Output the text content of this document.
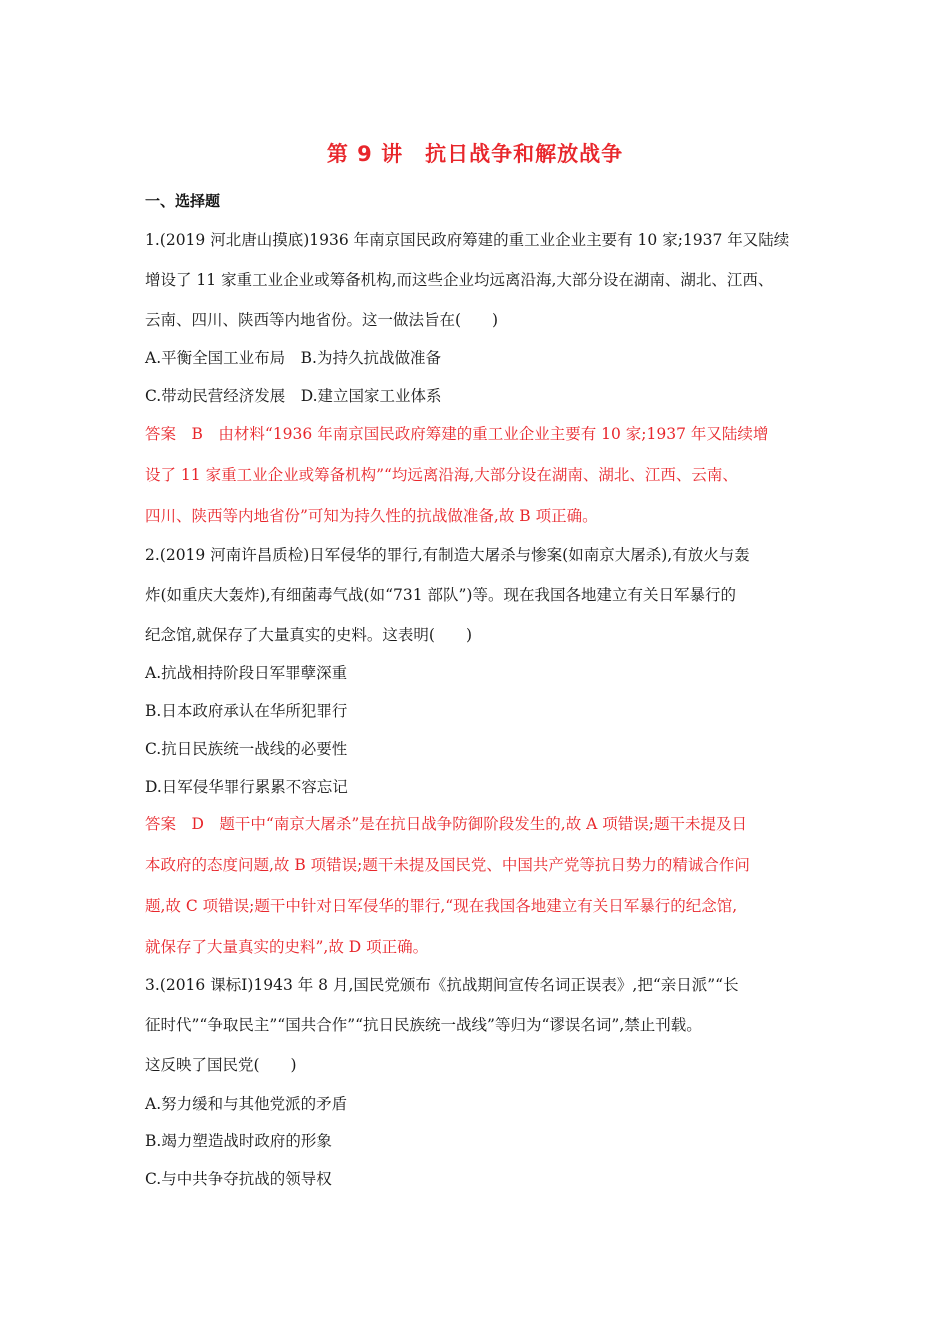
第 9 讲　抗日战争和解放战争
一、选择题
1.(2019 河北唐山摸底)1936 年南京国民政府筹建的重工业企业主要有 10 家;1937 年又陆续
增设了 11 家重工业企业或筹备机构,而这些企业均远离沿海,大部分设在湖南、湖北、江西、
云南、四川、陕西等内地省份。这一做法旨在(　　)
A.平衡全国工业布局　B.为持久抗战做准备
C.带动民营经济发展　D.建立国家工业体系
答案　B　由材料“1936 年南京国民政府筹建的重工业企业主要有 10 家;1937 年又陆续增
设了 11 家重工业企业或筹备机构”“均远离沿海,大部分设在湖南、湖北、江西、云南、
四川、陕西等内地省份”可知为持久性的抗战做准备,故 B 项正确。
2.(2019 河南许昌质检)日军侵华的罪行,有制造大屠杀与惨案(如南京大屠杀),有放火与轰
炸(如重庆大轰炸),有细菌毒气战(如“731 部队”)等。现在我国各地建立有关日军暴行的
纪念馆,就保存了大量真实的史料。这表明(　　)
A.抗战相持阶段日军罪孽深重
B.日本政府承认在华所犯罪行
C.抗日民族统一战线的必要性
D.日军侵华罪行累累不容忘记
答案　D　题干中“南京大屠杀”是在抗日战争防御阶段发生的,故 A 项错误;题干未提及日
本政府的态度问题,故 B 项错误;题干未提及国民党、中国共产党等抗日势力的精诚合作问
题,故 C 项错误;题干中针对日军侵华的罪行,“现在我国各地建立有关日军暴行的纪念馆,
就保存了大量真实的史料”,故 D 项正确。
3.(2016 课标Ⅰ)1943 年 8 月,国民党颁布《抗战期间宣传名词正误表》,把“亲日派”“长
征时代”“争取民主”“国共合作”“抗日民族统一战线”等归为“谬误名词”,禁止刊载。
这反映了国民党(　　)
A.努力缓和与其他党派的矛盾
B.竭力塑造战时政府的形象
C.与中共争夺抗战的领导权
